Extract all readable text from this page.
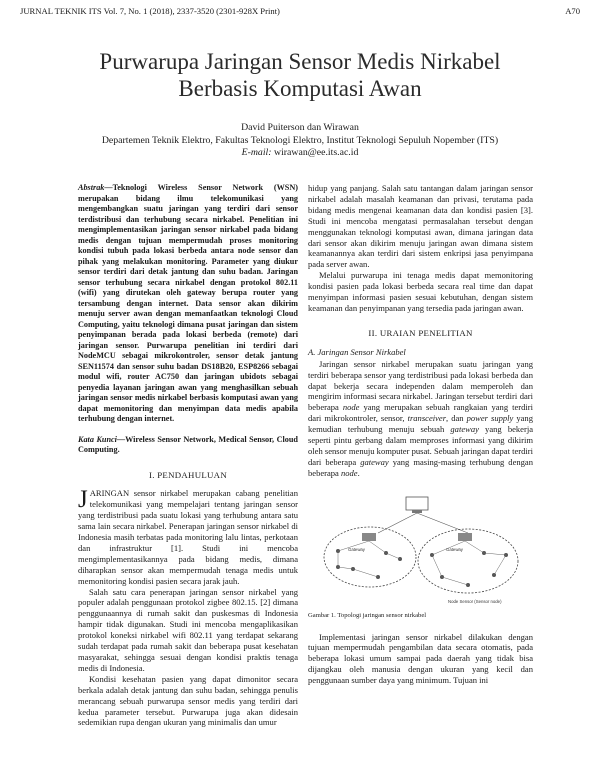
JURNAL TEKNIK ITS Vol. 7, No. 1 (2018), 2337-3520 (2301-928X Print)	A70
Purwarupa Jaringan Sensor Medis Nirkabel
Berbasis Komputasi Awan
David Puiterson dan Wirawan
Departemen Teknik Elektro, Fakultas Teknologi Elektro, Institut Teknologi Sepuluh Nopember (ITS)
E-mail: wirawan@ee.its.ac.id

Abstrak—Teknologi Wireless Sensor Network (WSN) merupakan bidang ilmu telekomunikasi yang mengembangkan suatu jaringan yang terdiri dari sensor terdistribusi dan terhubung secara nirkabel. Penelitian ini mengimplementasikan jaringan sensor nirkabel pada bidang medis dengan tujuan mempermudah proses monitoring kondisi tubuh pada lokasi berbeda antara node sensor dan pihak yang melakukan monitoring. Parameter yang diukur sensor terdiri dari detak jantung dan suhu badan. Jaringan sensor terhubung secara nirkabel dengan protokol 802.11 (wifi) yang dirutekan oleh gateway berupa router yang tersambung dengan internet. Data sensor akan dikirim menuju server awan dengan memanfaatkan teknologi Cloud Computing, yaitu teknologi dimana pusat jaringan dan sistem penyimpanan berada pada lokasi berbeda (remote) dari jaringan sensor. Purwarupa penelitian ini terdiri dari NodeMCU sebagai mikrokontroler, sensor detak jantung SEN11574 dan sensor suhu badan DS18B20, ESP8266 sebagai modul wifi, router AC750 dan jaringan ubidots sebagai penyedia layanan jaringan awan yang menghasilkan sebuah jaringan sensor medis nirkabel berbasis komputasi awan yang dapat memonitoring dan menyimpan data medis apabila terhubung dengan internet.

Kata Kunci—Wireless Sensor Network, Medical Sensor, Cloud Computing.

I. PENDAHULUAN

JARINGAN sensor nirkabel merupakan cabang penelitian telekomunikasi yang mempelajari tentang jaringan sensor yang terdistribusi pada suatu lokasi yang terhubung antara satu sama lain secara nirkabel. Penerapan jaringan sensor nirkabel di Indonesia masih terbatas pada monitoring lalu lintas, perkotaan dan infrastruktur [1]. Studi ini mencoba mengimplementasikannya pada bidang medis, dimana diharapkan sensor akan mempermudah tenaga medis untuk memonitoring kondisi pasien secara jarak jauh.

Salah satu cara penerapan jaringan sensor nirkabel yang populer adalah penggunaan protokol zigbee 802.15. [2] dimana penggunaannya di rumah sakit dan puskesmas di Indonesia hampir tidak digunakan. Studi ini mencoba mengaplikasikan protokol koneksi nirkabel wifi 802.11 yang terdapat sekarang sudah terdapat pada rumah sakit dan beberapa pusat kesehatan masyarakat, sehingga sesuai dengan kondisi praktis tenaga medis di Indonesia.

Kondisi kesehatan pasien yang dapat dimonitor secara berkala adalah detak jantung dan suhu badan, sehingga penulis merancang sebuah purwarupa sensor medis yang terdiri dari kedua parameter tersebut. Purwarupa juga akan didesain sedemikian rupa dengan ukuran yang minimalis dan umur

hidup yang panjang. Salah satu tantangan dalam jaringan sensor nirkabel adalah masalah keamanan dan privasi, terutama pada bidang medis mengenai keamanan data dan kondisi pasien [3]. Studi ini mencoba mengatasi permasalahan tersebut dengan menggunakan teknologi komputasi awan, dimana jaringan data dari sensor akan dikirim menuju jaringan awan dimana sistem keamanannya akan terdiri dari sistem enkripsi jasa penyimpana pada server awan.

Melalui purwarupa ini tenaga medis dapat memonitoring kondisi pasien pada lokasi berbeda secara real time dan dapat menyimpan informasi pasien sesuai kebutuhan, dengan sistem keamanan dan penyimpanan yang tersedia pada jaringan awan.

II. URAIAN PENELITIAN

A. Jaringan Sensor Nirkabel

Jaringan sensor nirkabel merupakan suatu jaringan yang terdiri beberapa sensor yang terdistribusi pada lokasi berbeda dan dapat bekerja secara independen dalam memperoleh dan mengirim informasi secara nirkabel. Jaringan tersebut terdiri dari beberapa node yang merupakan sebuah rangkaian yang terdiri dari mikrokontroler, sensor, transceiver, dan power supply yang kemudian terhubung menuju sebuah gateway yang bekerja seperti pintu gerbang dalam memproses informasi yang dikirim oleh sensor menuju komputer pusat. Sebuah jaringan dapat terdiri dari beberapa gateway yang masing-masing terhubung dengan beberapa node.

Gateway	Gateway
Node Sensor (Sensor node)

Gambar 1. Topologi jaringan sensor nirkabel

Implementasi jaringan sensor nirkabel dilakukan dengan tujuan mempermudah pengambilan data secara otomatis, pada beberapa lokasi umum sampai pada daerah yang tidak bisa dijangkau oleh manusia dengan ukuran yang kecil dan penggunaan sumber daya yang minimum. Tujuan ini
